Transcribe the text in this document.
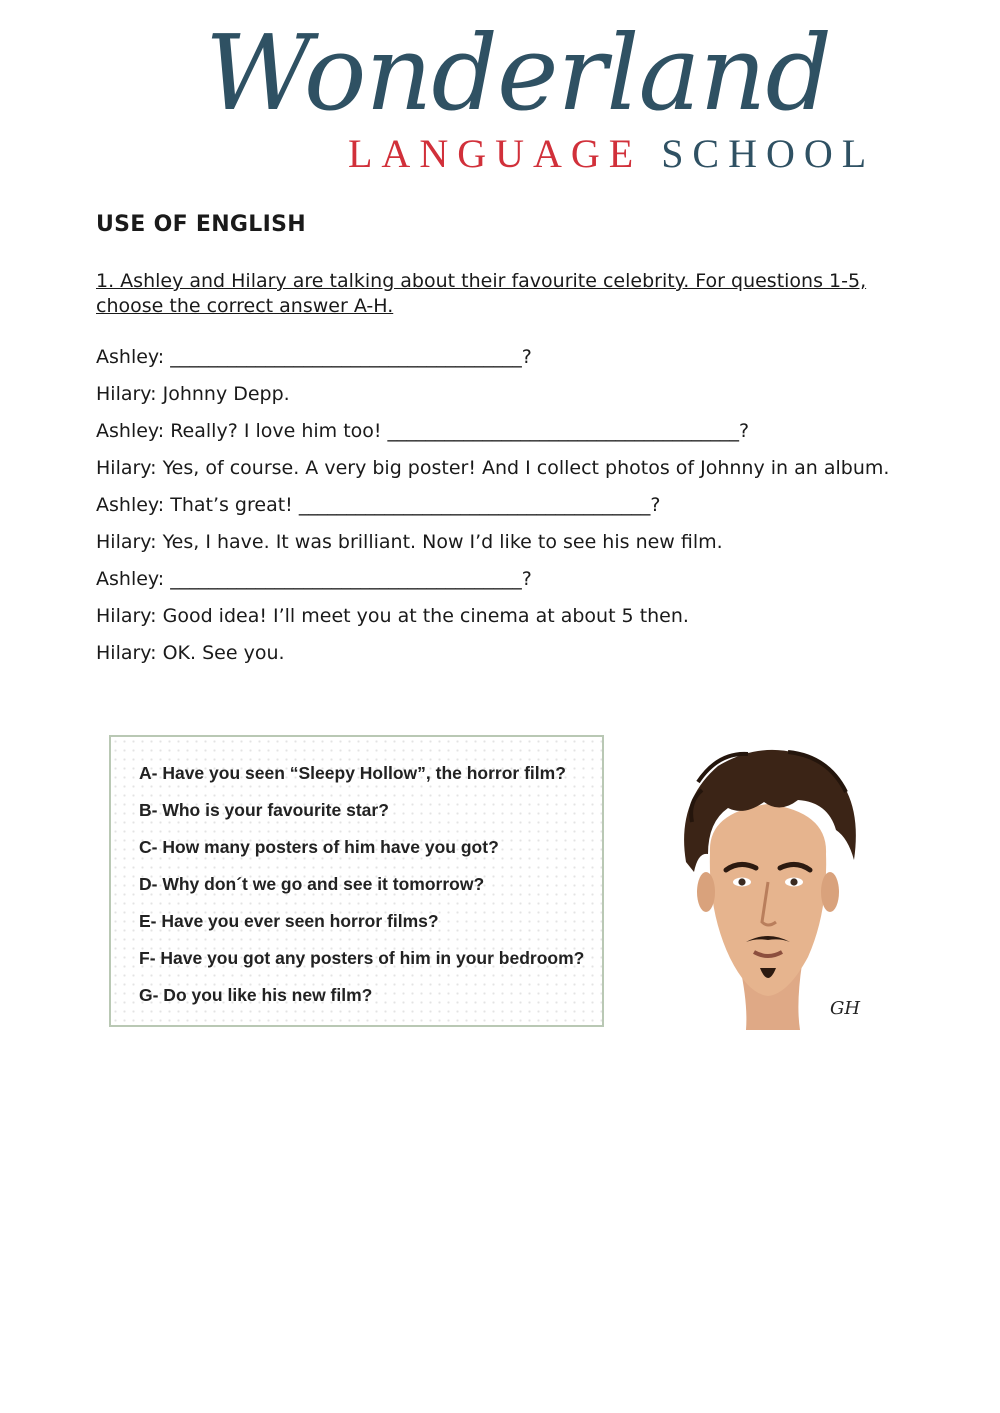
Wonderland
LANGUAGE SCHOOL
USE OF ENGLISH
1. Ashley and Hilary are talking about their favourite celebrity. For questions 1-5, choose the correct answer A-H.
Ashley: _____________________________________?
Hilary: Johnny Depp.
Ashley: Really? I love him too! _____________________________________?
Hilary: Yes, of course. A very big poster! And I collect photos of Johnny in an album.
Ashley: That’s great! _____________________________________?
Hilary: Yes, I have. It was brilliant. Now I’d like to see his new film.
Ashley: _____________________________________?
Hilary: Good idea! I’ll meet you at the cinema at about 5 then.
Hilary: OK. See you.
A- Have you seen “Sleepy Hollow”, the horror film?
B- Who is your favourite star?
C- How many posters of him have you got?
D- Why don´t we go and see it tomorrow?
E- Have you ever seen horror films?
F- Have you got any posters of him in your bedroom?
G- Do you like his new film?
GH
